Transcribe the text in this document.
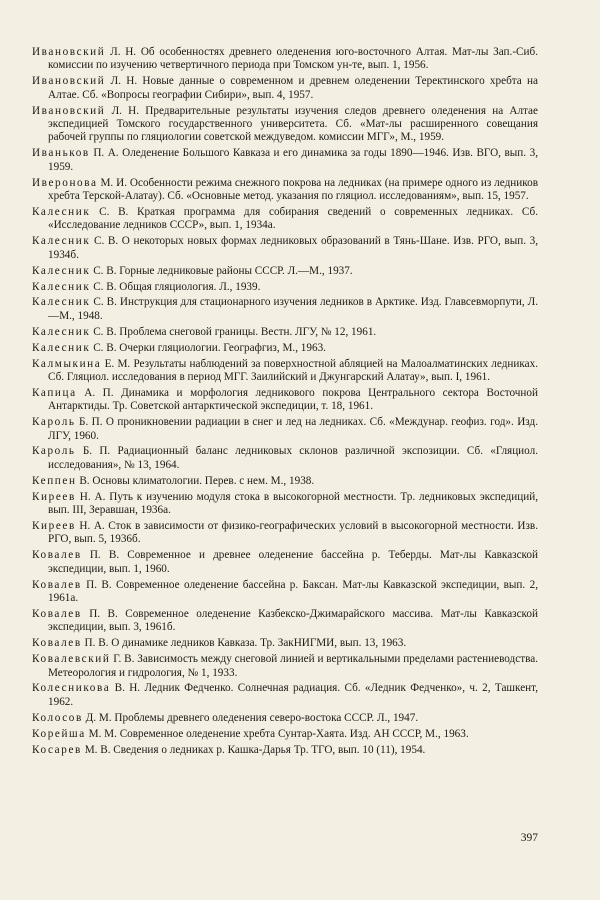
Ивановский Л. Н. Об особенностях древнего оледенения юго-восточного Алтая. Мат-лы Зап.-Сиб. комиссии по изучению четвертичного периода при Томском ун-те, вып. 1, 1956.

Ивановский Л. Н. Новые данные о современном и древнем оледенении Теректинского хребта на Алтае. Сб. «Вопросы географии Сибири», вып. 4, 1957.

Ивановский Л. Н. Предварительные результаты изучения следов древнего оледенения на Алтае экспедицией Томского государственного университета. Сб. «Мат-лы расширенного совещания рабочей группы по гляциологии советской междуведом. комиссии МГГ», М., 1959.

Иваньков П. А. Оледенение Большого Кавказа и его динамика за годы 1890—1946. Изв. ВГО, вып. 3, 1959.

Иверонова М. И. Особенности режима снежного покрова на ледниках (на примере одного из ледников хребта Терской-Алатау). Сб. «Основные метод. указания по гляциол. исследованиям», вып. 15, 1957.

Калесник С. В. Краткая программа для собирания сведений о современных ледниках. Сб. «Исследование ледников СССР», вып. 1, 1934а.

Калесник С. В. О некоторых новых формах ледниковых образований в Тянь-Шане. Изв. РГО, вып. 3, 1934б.

Калесник С. В. Горные ледниковые районы СССР. Л.—М., 1937.

Калесник С. В. Общая гляциология. Л., 1939.

Калесник С. В. Инструкция для стационарного изучения ледников в Арктике. Изд. Главсевморпути, Л.—М., 1948.

Калесник С. В. Проблема снеговой границы. Вестн. ЛГУ, № 12, 1961.

Калесник С. В. Очерки гляциологии. Географгиз, М., 1963.

Калмыкина Е. М. Результаты наблюдений за поверхностной абляцией на Малоалматинских ледниках. Сб. Гляциол. исследования в период МГГ. Заилийский и Джунгарский Алатау», вып. I, 1961.

Капица А. П. Динамика и морфология ледникового покрова Центрального сектора Восточной Антарктиды. Тр. Советской антарктической экспедиции, т. 18, 1961.

Кароль Б. П. О проникновении радиации в снег и лед на ледниках. Сб. «Междунар. геофиз. год». Изд. ЛГУ, 1960.

Кароль Б. П. Радиационный баланс ледниковых склонов различной экспозиции. Сб. «Гляциол. исследования», № 13, 1964.

Кеппен В. Основы климатологии. Перев. с нем. М., 1938.

Киреев Н. А. Путь к изучению модуля стока в высокогорной местности. Тр. ледниковых экспедиций, вып. III, Зеравшан, 1936а.

Киреев Н. А. Сток в зависимости от физико-географических условий в высокогорной местности. Изв. РГО, вып. 5, 1936б.

Ковалев П. В. Современное и древнее оледенение бассейна р. Теберды. Мат-лы Кавказской экспедиции, вып. 1, 1960.

Ковалев П. В. Современное оледенение бассейна р. Баксан. Мат-лы Кавказской экспедиции, вып. 2, 1961а.

Ковалев П. В. Современное оледенение Казбекско-Джимарайского массива. Мат-лы Кавказской экспедиции, вып. 3, 1961б.

Ковалев П. В. О динамике ледников Кавказа. Тр. ЗакНИГМИ, вып. 13, 1963.

Ковалевский Г. В. Зависимость между снеговой линией и вертикальными пределами растениеводства. Метеорология и гидрология, № 1, 1933.

Колесникова В. Н. Ледник Федченко. Солнечная радиация. Сб. «Ледник Федченко», ч. 2, Ташкент, 1962.

Колосов Д. М. Проблемы древнего оледенения северо-востока СССР. Л., 1947.

Корейша М. М. Современное оледенение хребта Сунтар-Хаята. Изд. АН СССР, М., 1963.

Косарев М. В. Сведения о ледниках р. Кашка-Дарья Тр. ТГО, вып. 10 (11), 1954.

397
